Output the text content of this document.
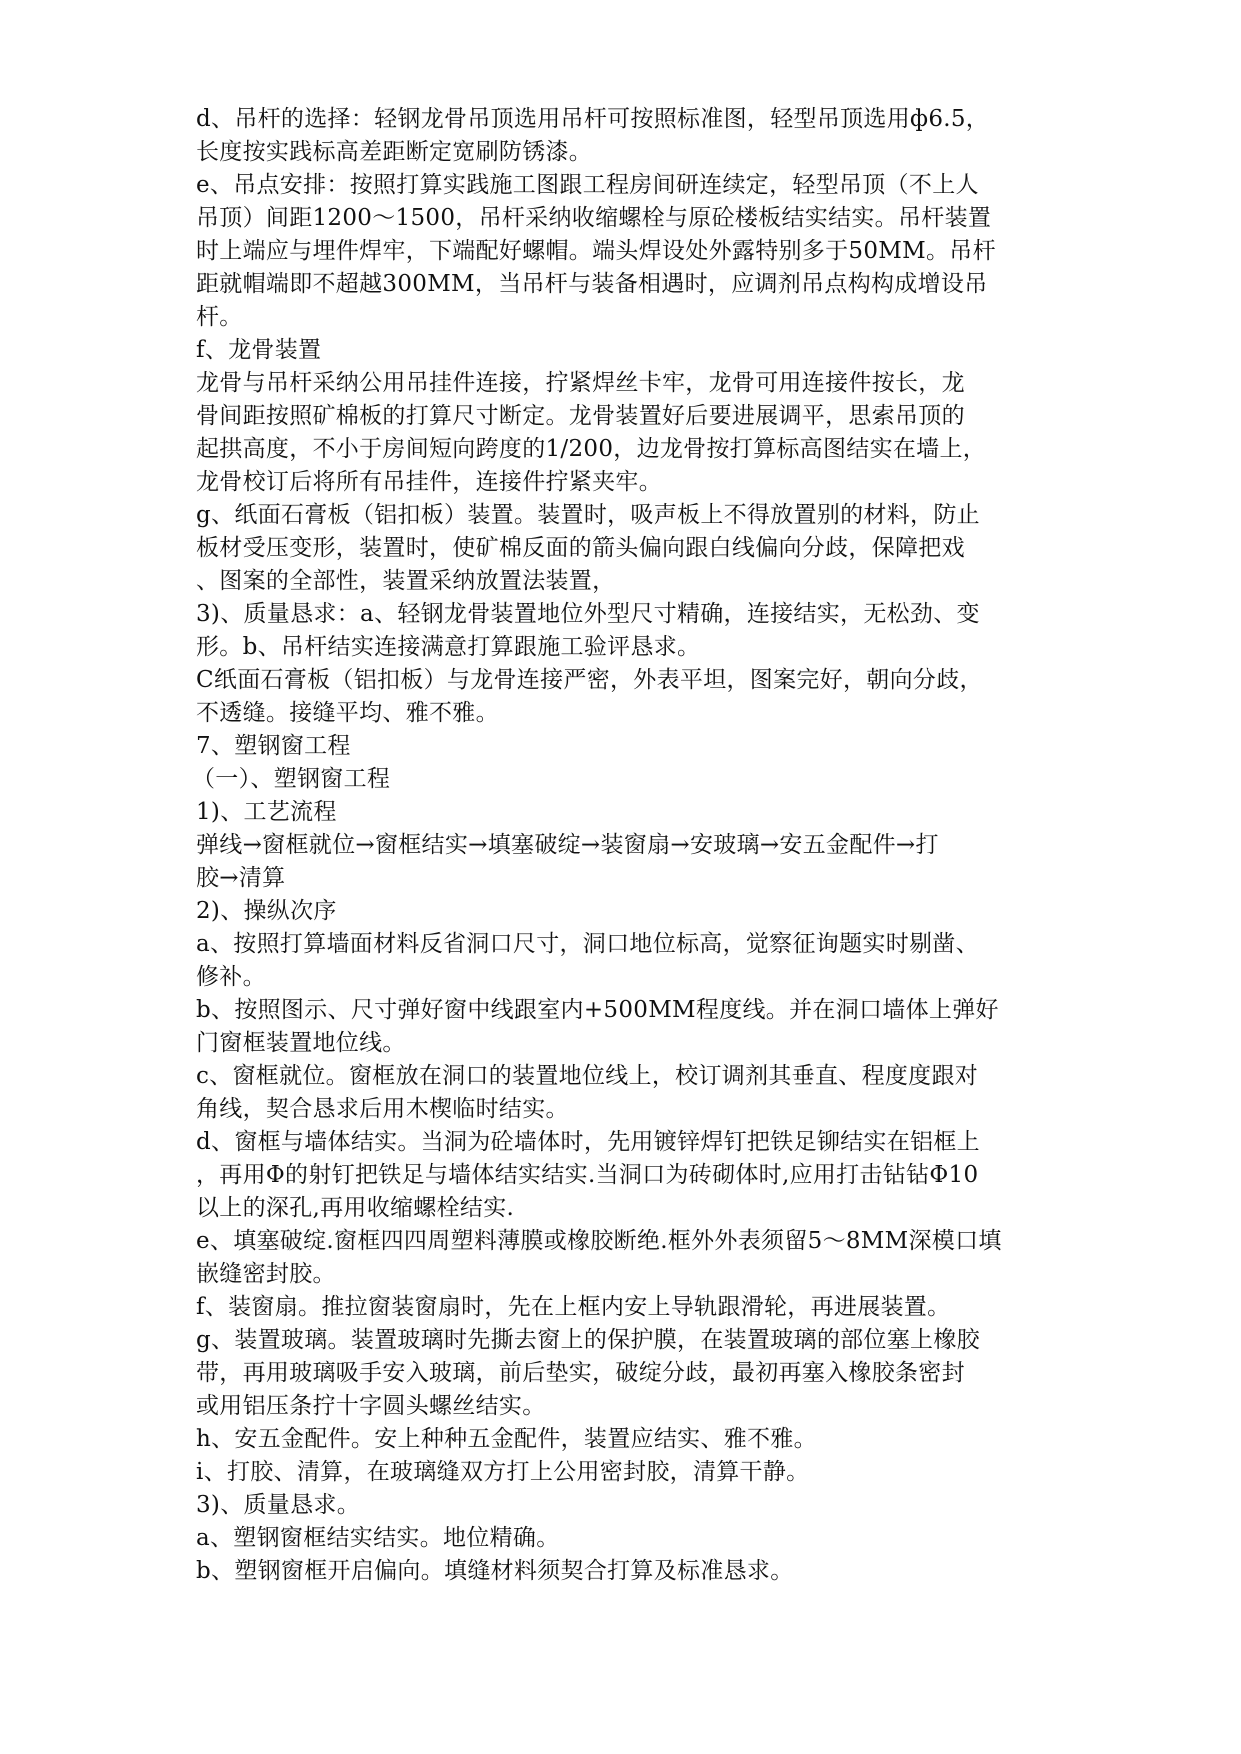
d、吊杆的选择：轻钢龙骨吊顶选用吊杆可按照标准图，轻型吊顶选用ф6.5，
长度按实践标高差距断定宽刷防锈漆。
e、吊点安排：按照打算实践施工图跟工程房间研连续定，轻型吊顶（不上人
吊顶）间距1200～1500，吊杆采纳收缩螺栓与原砼楼板结实结实。吊杆装置
时上端应与埋件焊牢，下端配好螺帽。端头焊设处外露特别多于50MM。吊杆
距就帽端即不超越300MM，当吊杆与装备相遇时，应调剂吊点构构成增设吊
杆。
f、龙骨装置
龙骨与吊杆采纳公用吊挂件连接，拧紧焊丝卡牢，龙骨可用连接件按长，龙
骨间距按照矿棉板的打算尺寸断定。龙骨装置好后要进展调平，思索吊顶的
起拱高度，不小于房间短向跨度的1/200，边龙骨按打算标高图结实在墙上，
龙骨校订后将所有吊挂件，连接件拧紧夹牢。
g、纸面石膏板（铝扣板）装置。装置时，吸声板上不得放置别的材料，防止
板材受压变形，装置时，使矿棉反面的箭头偏向跟白线偏向分歧，保障把戏
、图案的全部性，装置采纳放置法装置，
3)、质量恳求：a、轻钢龙骨装置地位外型尺寸精确，连接结实，无松劲、变
形。b、吊杆结实连接满意打算跟施工验评恳求。
C纸面石膏板（铝扣板）与龙骨连接严密，外表平坦，图案完好，朝向分歧，
不透缝。接缝平均、雅不雅。
7、塑钢窗工程
（一）、塑钢窗工程
1)、工艺流程
弹线→窗框就位→窗框结实→填塞破绽→装窗扇→安玻璃→安五金配件→打
胶→清算
2)、操纵次序
a、按照打算墙面材料反省洞口尺寸，洞口地位标高，觉察征询题实时剔凿、
修补。
b、按照图示、尺寸弹好窗中线跟室内+500MM程度线。并在洞口墙体上弹好
门窗框装置地位线。
c、窗框就位。窗框放在洞口的装置地位线上，校订调剂其垂直、程度度跟对
角线，契合恳求后用木楔临时结实。
d、窗框与墙体结实。当洞为砼墙体时，先用镀锌焊钉把铁足铆结实在铝框上
，再用Φ的射钉把铁足与墙体结实结实.当洞口为砖砌体时,应用打击钻钻Φ10
以上的深孔,再用收缩螺栓结实.
e、填塞破绽.窗框四四周塑料薄膜或橡胶断绝.框外外表须留5～8MM深模口填
嵌缝密封胶。
f、装窗扇。推拉窗装窗扇时，先在上框内安上导轨跟滑轮，再进展装置。
g、装置玻璃。装置玻璃时先撕去窗上的保护膜，在装置玻璃的部位塞上橡胶
带，再用玻璃吸手安入玻璃，前后垫实，破绽分歧，最初再塞入橡胶条密封
或用铝压条拧十字圆头螺丝结实。
h、安五金配件。安上种种五金配件，装置应结实、雅不雅。
i、打胶、清算，在玻璃缝双方打上公用密封胶，清算干静。
3)、质量恳求。
a、塑钢窗框结实结实。地位精确。
b、塑钢窗框开启偏向。填缝材料须契合打算及标准恳求。
